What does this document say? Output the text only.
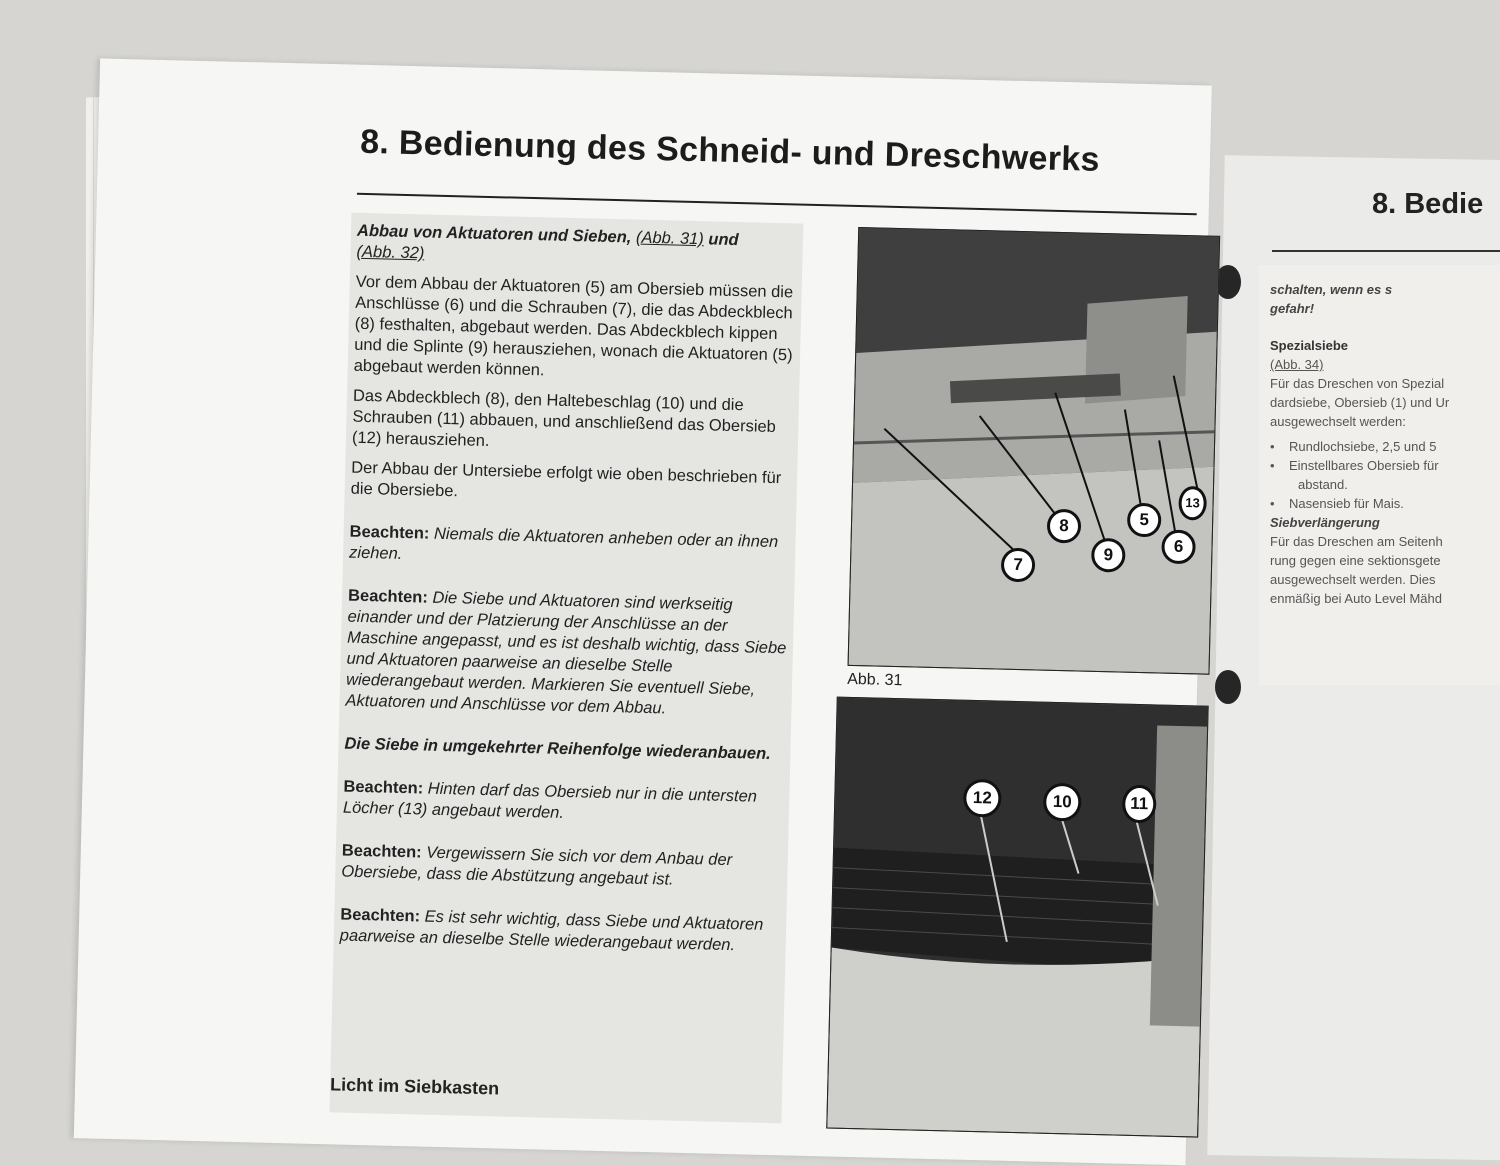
8. Bedie

schalten, wenn es s

gefahr!

Spezialsiebe

(Abb. 34)

Für das Dreschen von Spezial

dardsiebe, Obersieb (1) und Ur

ausgewechselt werden:

•    Rundlochsiebe, 2,5 und 5

•    Einstellbares Obersieb für

abstand.

•    Nasensieb für Mais.

Siebverlängerung

Für das Dreschen am Seitenh

rung gegen eine sektionsgete

ausgewechselt werden. Dies

enmäßig bei Auto Level Mähd

8. Bedienung des Schneid- und Dreschwerks

Abbau von Aktuatoren und Sieben, (Abb. 31) und
(Abb. 32)

Vor dem Abbau der Aktuatoren (5) am Obersieb müssen die Anschlüsse (6) und die Schrauben (7), die das Abdeckblech (8) festhalten, abgebaut werden. Das Abdeckblech kippen und die Splinte (9) herausziehen, wonach die Aktuatoren (5) abgebaut werden können.

Das Abdeckblech (8), den Haltebeschlag (10) und die Schrauben (11) abbauen, und anschließend das Obersieb (12) herausziehen.

Der Abbau der Untersiebe erfolgt wie oben beschrieben für die Obersiebe.

Beachten: Niemals die Aktuatoren anheben oder an ihnen ziehen.

Beachten: Die Siebe und Aktuatoren sind werkseitig einander und der Platzierung der Anschlüsse an der Maschine angepasst, und es ist deshalb wichtig, dass Siebe und Aktuatoren paarweise an dieselbe Stelle wiederangebaut werden. Markieren Sie eventuell Siebe, Aktuatoren und Anschlüsse vor dem Abbau.

Die Siebe in umgekehrter Reihenfolge wiederanbauen.

Beachten: Hinten darf das Obersieb nur in die untersten Löcher (13) angebaut werden.

Beachten: Vergewissern Sie sich vor dem Anbau der Obersiebe, dass die Abstützung angebaut ist.

Beachten: Es ist sehr wichtig, dass Siebe und Aktuatoren paarweise an dieselbe Stelle wiederangebaut werden.

Licht im Siebkasten
7
8
9
5
6
13
Abb. 31
12	10	11
